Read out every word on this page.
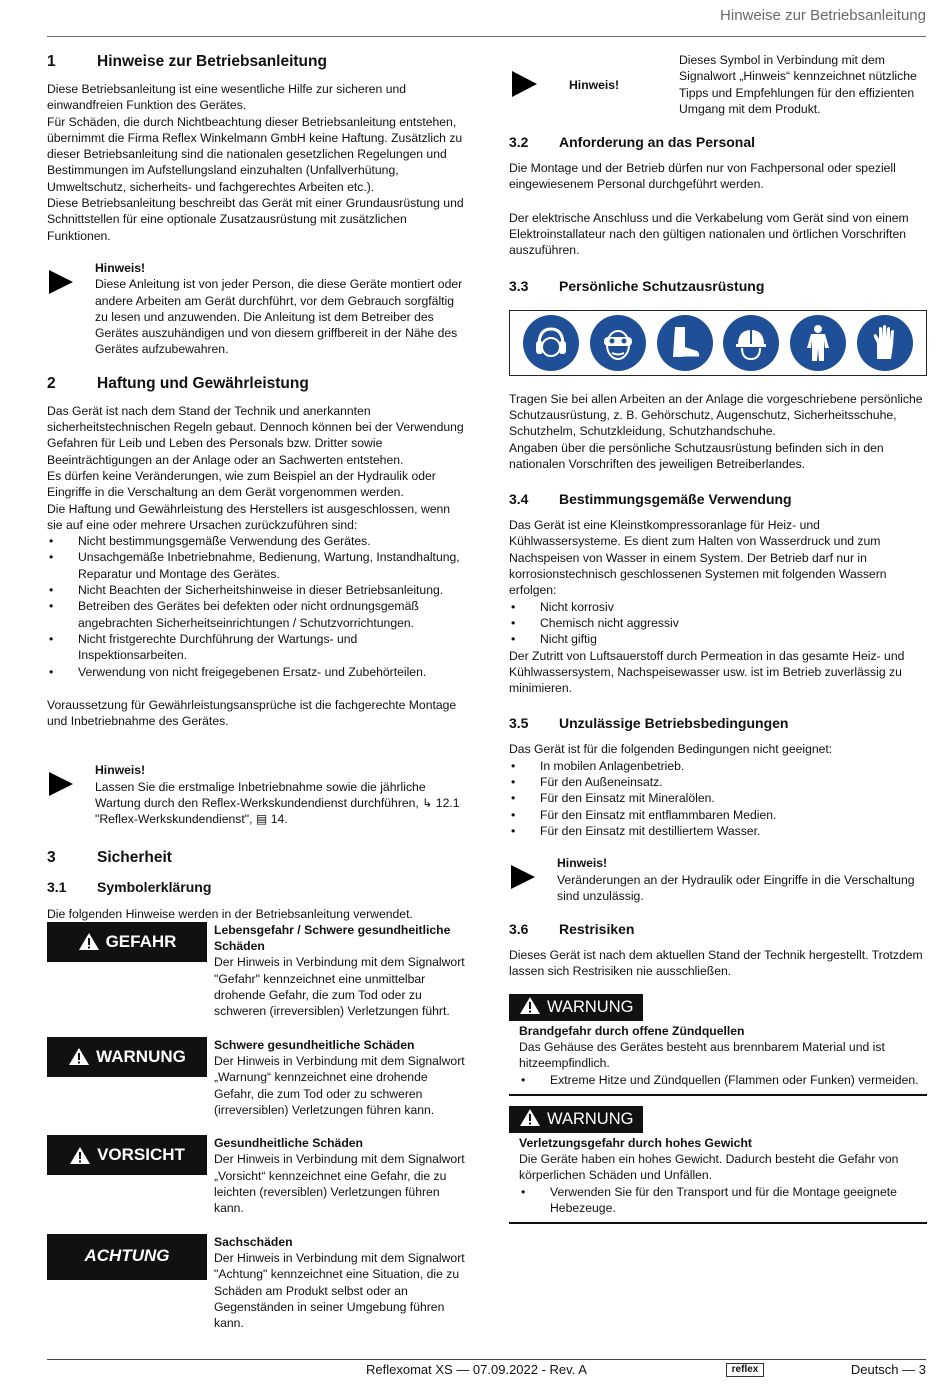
Hinweise zur Betriebsanleitung
1	Hinweise zur Betriebsanleitung

Diese Betriebsanleitung ist eine wesentliche Hilfe zur sicheren und einwandfreien Funktion des Gerätes.

Für Schäden, die durch Nichtbeachtung dieser Betriebsanleitung entstehen, übernimmt die Firma Reflex Winkelmann GmbH keine Haftung. Zusätzlich zu dieser Betriebsanleitung sind die nationalen gesetzlichen Regelungen und Bestimmungen im Aufstellungsland einzuhalten (Unfallverhütung, Umweltschutz, sicherheits- und fachgerechtes Arbeiten etc.).

Diese Betriebsanleitung beschreibt das Gerät mit einer Grundausrüstung und Schnittstellen für eine optionale Zusatzausrüstung mit zusätzlichen Funktionen.

Hinweis!
Diese Anleitung ist von jeder Person, die diese Geräte montiert oder andere Arbeiten am Gerät durchführt, vor dem Gebrauch sorgfältig zu lesen und anzuwenden. Die Anleitung ist dem Betreiber des Gerätes auszuhändigen und von diesem griffbereit in der Nähe des Gerätes aufzubewahren.
2	Haftung und Gewährleistung

Das Gerät ist nach dem Stand der Technik und anerkannten sicherheitstechnischen Regeln gebaut. Dennoch können bei der Verwendung Gefahren für Leib und Leben des Personals bzw. Dritter sowie Beeinträchtigungen an der Anlage oder an Sachwerten entstehen.

Es dürfen keine Veränderungen, wie zum Beispiel an der Hydraulik oder Eingriffe in die Verschaltung an dem Gerät vorgenommen werden.

Die Haftung und Gewährleistung des Herstellers ist ausgeschlossen, wenn sie auf eine oder mehrere Ursachen zurückzuführen sind:

• Nicht bestimmungsgemäße Verwendung des Gerätes.
• Unsachgemäße Inbetriebnahme, Bedienung, Wartung, Instandhaltung, Reparatur und Montage des Gerätes.
• Nicht Beachten der Sicherheitshinweise in dieser Betriebsanleitung.
• Betreiben des Gerätes bei defekten oder nicht ordnungsgemäß angebrachten Sicherheitseinrichtungen / Schutzvorrichtungen.
• Nicht fristgerechte Durchführung der Wartungs- und Inspektionsarbeiten.
• Verwendung von nicht freigegebenen Ersatz- und Zubehörteilen.

Voraussetzung für Gewährleistungsansprüche ist die fachgerechte Montage und Inbetriebnahme des Gerätes.

Hinweis!
Lassen Sie die erstmalige Inbetriebnahme sowie die jährliche Wartung durch den Reflex-Werkskundendienst durchführen, ↳ 12.1 "Reflex-Werkskundendienst", ▤ 14.
3	Sicherheit
3.1	Symbolerklärung

Die folgenden Hinweise werden in der Betriebsanleitung verwendet.

GEFAHR
Lebensgefahr / Schwere gesundheitliche Schäden
Der Hinweis in Verbindung mit dem Signalwort "Gefahr" kennzeichnet eine unmittelbar drohende Gefahr, die zum Tod oder zu schweren (irreversiblen) Verletzungen führt.
WARNUNG
Schwere gesundheitliche Schäden
Der Hinweis in Verbindung mit dem Signalwort „Warnung“ kennzeichnet eine drohende Gefahr, die zum Tod oder zu schweren (irreversiblen) Verletzungen führen kann.
VORSICHT
Gesundheitliche Schäden
Der Hinweis in Verbindung mit dem Signalwort „Vorsicht“ kennzeichnet eine Gefahr, die zu leichten (reversiblen) Verletzungen führen kann.
ACHTUNG
Sachschäden
Der Hinweis in Verbindung mit dem Signalwort "Achtung" kennzeichnet eine Situation, die zu Schäden am Produkt selbst oder an Gegenständen in seiner Umgebung führen kann.
Hinweis!
Dieses Symbol in Verbindung mit dem Signalwort „Hinweis“ kennzeichnet nützliche Tipps und Empfehlungen für den effizienten Umgang mit dem Produkt.
3.2	Anforderung an das Personal

Die Montage und der Betrieb dürfen nur von Fachpersonal oder speziell eingewiesenem Personal durchgeführt werden.

Der elektrische Anschluss und die Verkabelung vom Gerät sind von einem Elektroinstallateur nach den gültigen nationalen und örtlichen Vorschriften auszuführen.

3.3	Persönliche Schutzausrüstung

Tragen Sie bei allen Arbeiten an der Anlage die vorgeschriebene persönliche Schutzausrüstung, z. B. Gehörschutz, Augenschutz, Sicherheitsschuhe, Schutzhelm, Schutzkleidung, Schutzhandschuhe.

Angaben über die persönliche Schutzausrüstung befinden sich in den nationalen Vorschriften des jeweiligen Betreiberlandes.

3.4	Bestimmungsgemäße Verwendung

Das Gerät ist eine Kleinstkompressoranlage für Heiz- und Kühlwassersysteme. Es dient zum Halten von Wasserdruck und zum Nachspeisen von Wasser in einem System. Der Betrieb darf nur in korrosionstechnisch geschlossenen Systemen mit folgenden Wassern erfolgen:

• Nicht korrosiv
• Chemisch nicht aggressiv
• Nicht giftig

Der Zutritt von Luftsauerstoff durch Permeation in das gesamte Heiz- und Kühlwassersystem, Nachspeisewasser usw. ist im Betrieb zuverlässig zu minimieren.

3.5	Unzulässige Betriebsbedingungen

Das Gerät ist für die folgenden Bedingungen nicht geeignet:

• In mobilen Anlagenbetrieb.
• Für den Außeneinsatz.
• Für den Einsatz mit Mineralölen.
• Für den Einsatz mit entflammbaren Medien.
• Für den Einsatz mit destilliertem Wasser.
Hinweis!
Veränderungen an der Hydraulik oder Eingriffe in die Verschaltung sind unzulässig.
3.6	Restrisiken

Dieses Gerät ist nach dem aktuellen Stand der Technik hergestellt. Trotzdem lassen sich Restrisiken nie ausschließen.

WARNUNG
Brandgefahr durch offene Zündquellen
Das Gehäuse des Gerätes besteht aus brennbarem Material und ist hitzeempfindlich.
• Extreme Hitze und Zündquellen (Flammen oder Funken) vermeiden.
WARNUNG
Verletzungsgefahr durch hohes Gewicht
Die Geräte haben ein hohes Gewicht. Dadurch besteht die Gefahr von körperlichen Schäden und Unfällen.
• Verwenden Sie für den Transport und für die Montage geeignete Hebezeuge.
Reflexomat XS — 07.09.2022 - Rev. A	reflex	Deutsch — 3
